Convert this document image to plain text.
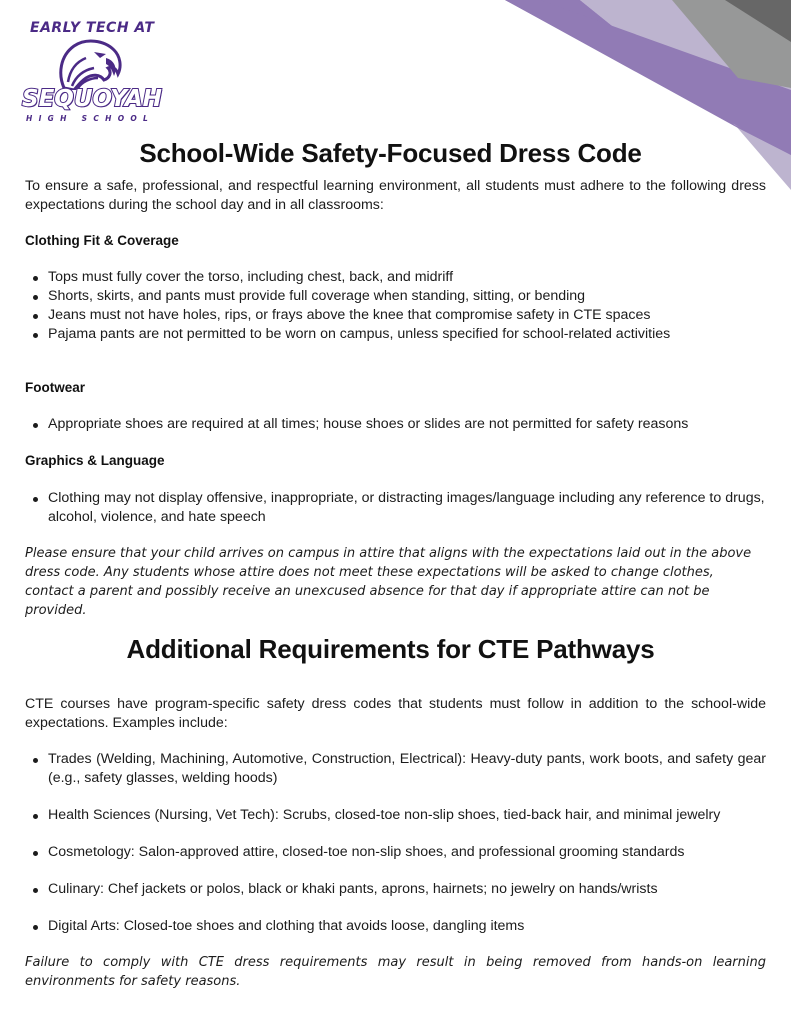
EARLY TECH AT
SEQUOYAH
HIGH SCHOOL
School-Wide Safety-Focused Dress Code

To ensure a safe, professional, and respectful learning environment, all students must adhere to the following dress expectations during the school day and in all classrooms:

Clothing Fit & Coverage
Tops must fully cover the torso, including chest, back, and midriff
Shorts, skirts, and pants must provide full coverage when standing, sitting, or bending
Jeans must not have holes, rips, or frays above the knee that compromise safety in CTE spaces
Pajama pants are not permitted to be worn on campus, unless specified for school-related activities
Footwear
Appropriate shoes are required at all times; house shoes or slides are not permitted for safety reasons
Graphics & Language
Clothing may not display offensive, inappropriate, or distracting images/language including any reference to drugs, alcohol, violence, and hate speech

Please ensure that your child arrives on campus in attire that aligns with the expectations laid out in the above dress code. Any students whose attire does not meet these expectations will be asked to change clothes, contact a parent and possibly receive an unexcused absence for that day if appropriate attire can not be provided.

Additional Requirements for CTE Pathways

CTE courses have program-specific safety dress codes that students must follow in addition to the school-wide expectations. Examples include:

Trades (Welding, Machining, Automotive, Construction, Electrical): Heavy-duty pants, work boots, and safety gear (e.g., safety glasses, welding hoods)
Health Sciences (Nursing, Vet Tech): Scrubs, closed-toe non-slip shoes, tied-back hair, and minimal jewelry
Cosmetology: Salon-approved attire, closed-toe non-slip shoes, and professional grooming standards
Culinary: Chef jackets or polos, black or khaki pants, aprons, hairnets; no jewelry on hands/wrists
Digital Arts: Closed-toe shoes and clothing that avoids loose, dangling items

Failure to comply with CTE dress requirements may result in being removed from hands-on learning environments for safety reasons.
